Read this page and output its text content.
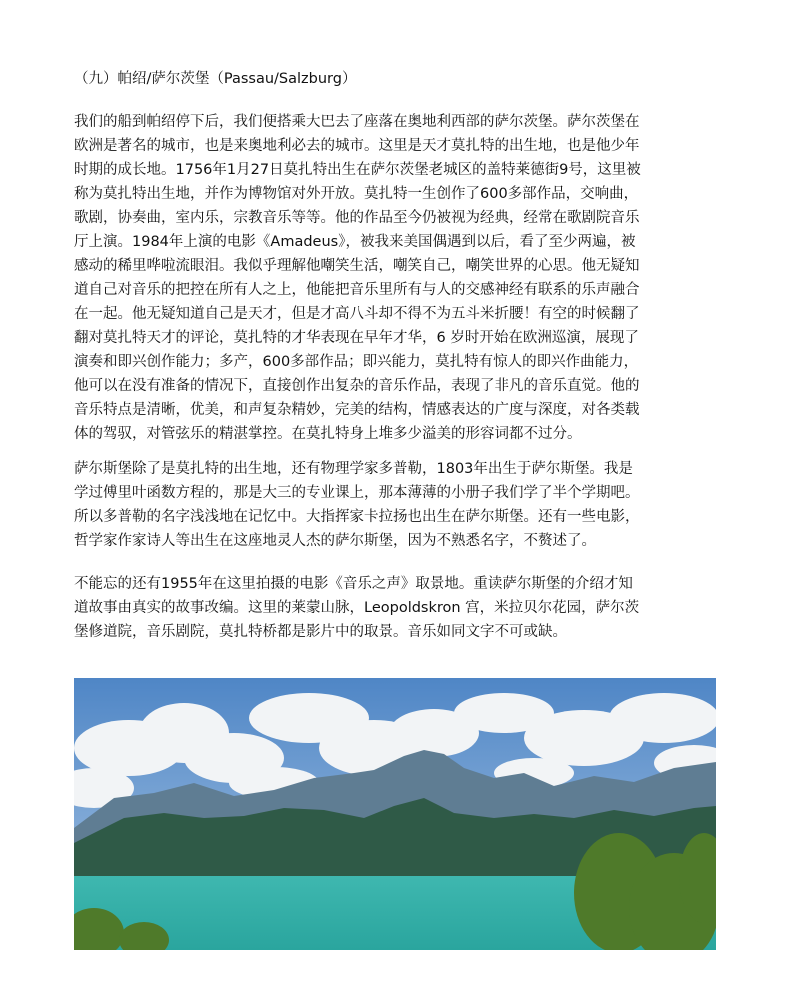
（九）帕绍/萨尔茨堡（Passau/Salzburg）

我们的船到帕绍停下后，我们便搭乘大巴去了座落在奥地利西部的萨尔茨堡。萨尔茨堡在
欧洲是著名的城市，也是来奥地利必去的城市。这里是天才莫扎特的出生地，也是他少年
时期的成长地。1756年1月27日莫扎特出生在萨尔茨堡老城区的盖特莱德街9号，这里被
称为莫扎特出生地，并作为博物馆对外开放。莫扎特一生创作了600多部作品，交响曲，
歌剧，协奏曲，室内乐，宗教音乐等等。他的作品至今仍被视为经典，经常在歌剧院音乐
厅上演。1984年上演的电影《Amadeus》，被我来美国偶遇到以后，看了至少两遍，被
感动的稀里哗啦流眼泪。我似乎理解他嘲笑生活，嘲笑自己，嘲笑世界的心思。他无疑知
道自己对音乐的把控在所有人之上，他能把音乐里所有与人的交感神经有联系的乐声融合
在一起。他无疑知道自己是天才，但是才高八斗却不得不为五斗米折腰！有空的时候翻了
翻对莫扎特天才的评论，莫扎特的才华表现在早年才华，6 岁时开始在欧洲巡演，展现了
演奏和即兴创作能力；多产，600多部作品；即兴能力，莫扎特有惊人的即兴作曲能力，
他可以在没有准备的情况下，直接创作出复杂的音乐作品，表现了非凡的音乐直觉。他的
音乐特点是清晰，优美，和声复杂精妙，完美的结构，情感表达的广度与深度，对各类载
体的驾驭，对管弦乐的精湛掌控。在莫扎特身上堆多少溢美的形容词都不过分。

萨尔斯堡除了是莫扎特的出生地，还有物理学家多普勒，1803年出生于萨尔斯堡。我是
学过傅里叶函数方程的，那是大三的专业课上，那本薄薄的小册子我们学了半个学期吧。
所以多普勒的名字浅浅地在记忆中。大指挥家卡拉扬也出生在萨尔斯堡。还有一些电影，
哲学家作家诗人等出生在这座地灵人杰的萨尔斯堡，因为不熟悉名字，不赘述了。

不能忘的还有1955年在这里拍摄的电影《音乐之声》取景地。重读萨尔斯堡的介绍才知
道故事由真实的故事改编。这里的莱蒙山脉，Leopoldskron 宫，米拉贝尔花园，萨尔茨
堡修道院，音乐剧院，莫扎特桥都是影片中的取景。音乐如同文字不可或缺。
